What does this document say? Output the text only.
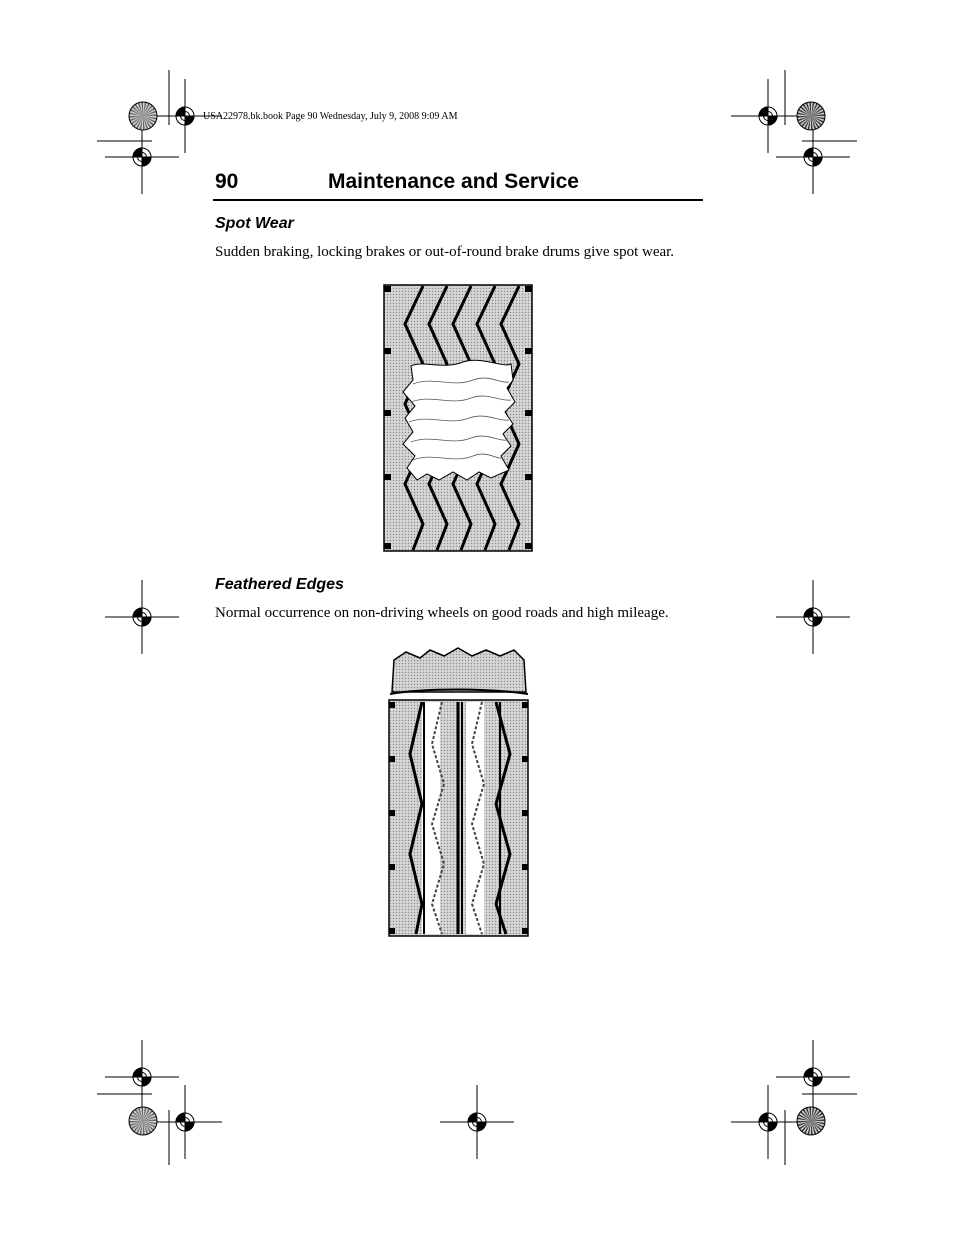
USA22978.bk.book Page 90 Wednesday, July 9, 2008 9:09 AM
90	Maintenance and Service
Spot Wear
Sudden braking, locking brakes or out-of-round brake drums give spot wear.
Feathered Edges
Normal occurrence on non-driving wheels on good roads and high mileage.
